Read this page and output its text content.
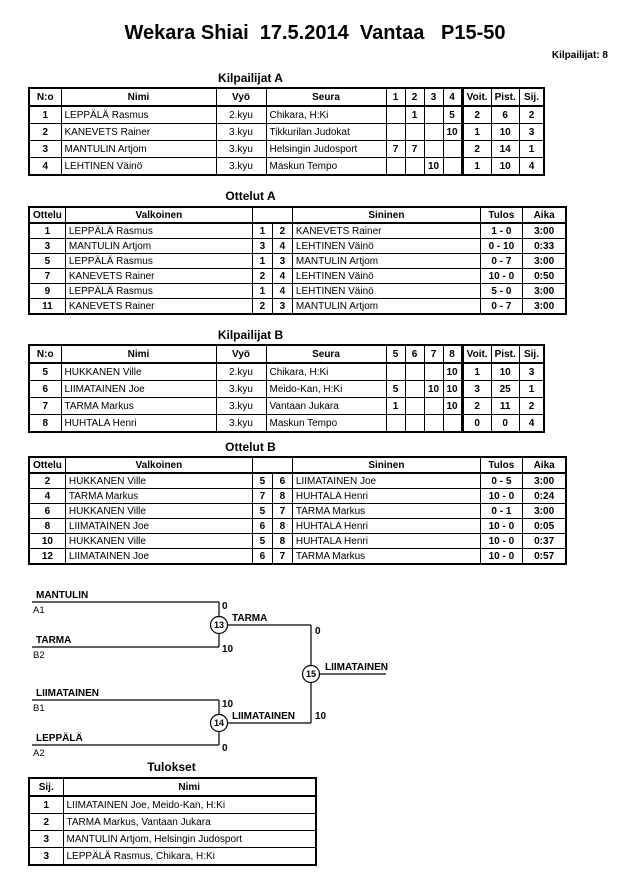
Wekara Shiai  17.5.2014  Vantaa   P15-50
Kilpailijat: 8
Kilpailijat A
N:o	Nimi	Vyö	Seura	1	2	3	4	Voit.	Pist.	Sij.
1	LEPPÄLÄ Rasmus	2.kyu	Chikara, H:Ki		1		5	2	6	2
2	KANEVETS Rainer	3.kyu	Tikkurilan Judokat				10	1	10	3
3	MANTULIN Artjom	3.kyu	Helsingin Judosport	7	7			2	14	1
4	LEHTINEN Väinö	3.kyu	Maskun Tempo			10		1	10	4
Ottelut A
Ottelu	Valkoinen			Sininen	Tulos	Aika
1	LEPPÄLÄ Rasmus	1	2	KANEVETS Rainer	1 - 0	3:00
3	MANTULIN Artjom	3	4	LEHTINEN Väinö	0 - 10	0:33
5	LEPPÄLÄ Rasmus	1	3	MANTULIN Artjom	0 - 7	3:00
7	KANEVETS Rainer	2	4	LEHTINEN Väinö	10 - 0	0:50
9	LEPPÄLÄ Rasmus	1	4	LEHTINEN Väinö	5 - 0	3:00
11	KANEVETS Rainer	2	3	MANTULIN Artjom	0 - 7	3:00
Kilpailijat B
N:o	Nimi	Vyö	Seura	5	6	7	8	Voit.	Pist.	Sij.
5	HUKKANEN Ville	2.kyu	Chikara, H:Ki				10	1	10	3
6	LIIMATAINEN Joe	3.kyu	Meido-Kan, H:Ki	5		10	10	3	25	1
7	TARMA Markus	3.kyu	Vantaan Jukara	1			10	2	11	2
8	HUHTALA Henri	3.kyu	Maskun Tempo					0	0	4
Ottelut B
Ottelu	Valkoinen			Sininen	Tulos	Aika
2	HUKKANEN Ville	5	6	LIIMATAINEN Joe	0 - 5	3:00
4	TARMA Markus	7	8	HUHTALA Henri	10 - 0	0:24
6	HUKKANEN Ville	5	7	TARMA Markus	0 - 1	3:00
8	LIIMATAINEN Joe	6	8	HUHTALA Henri	10 - 0	0:05
10	HUKKANEN Ville	5	8	HUHTALA Henri	10 - 0	0:37
12	LIIMATAINEN Joe	6	7	TARMA Markus	10 - 0	0:57
MANTULIN
A1	0
TARMA
B2
10
TARMA
13
LIIMATAINEN
B1	10
LEPPÄLÄ
A2	0
LIIMATAINEN
14
0
10
LIIMATAINEN
15
Tulokset
Sij.	Nimi
1	LIIMATAINEN Joe, Meido-Kan, H:Ki
2	TARMA Markus, Vantaan Jukara
3	MANTULIN Artjom, Helsingin Judosport
3	LEPPÄLÄ Rasmus, Chikara, H:Ki
